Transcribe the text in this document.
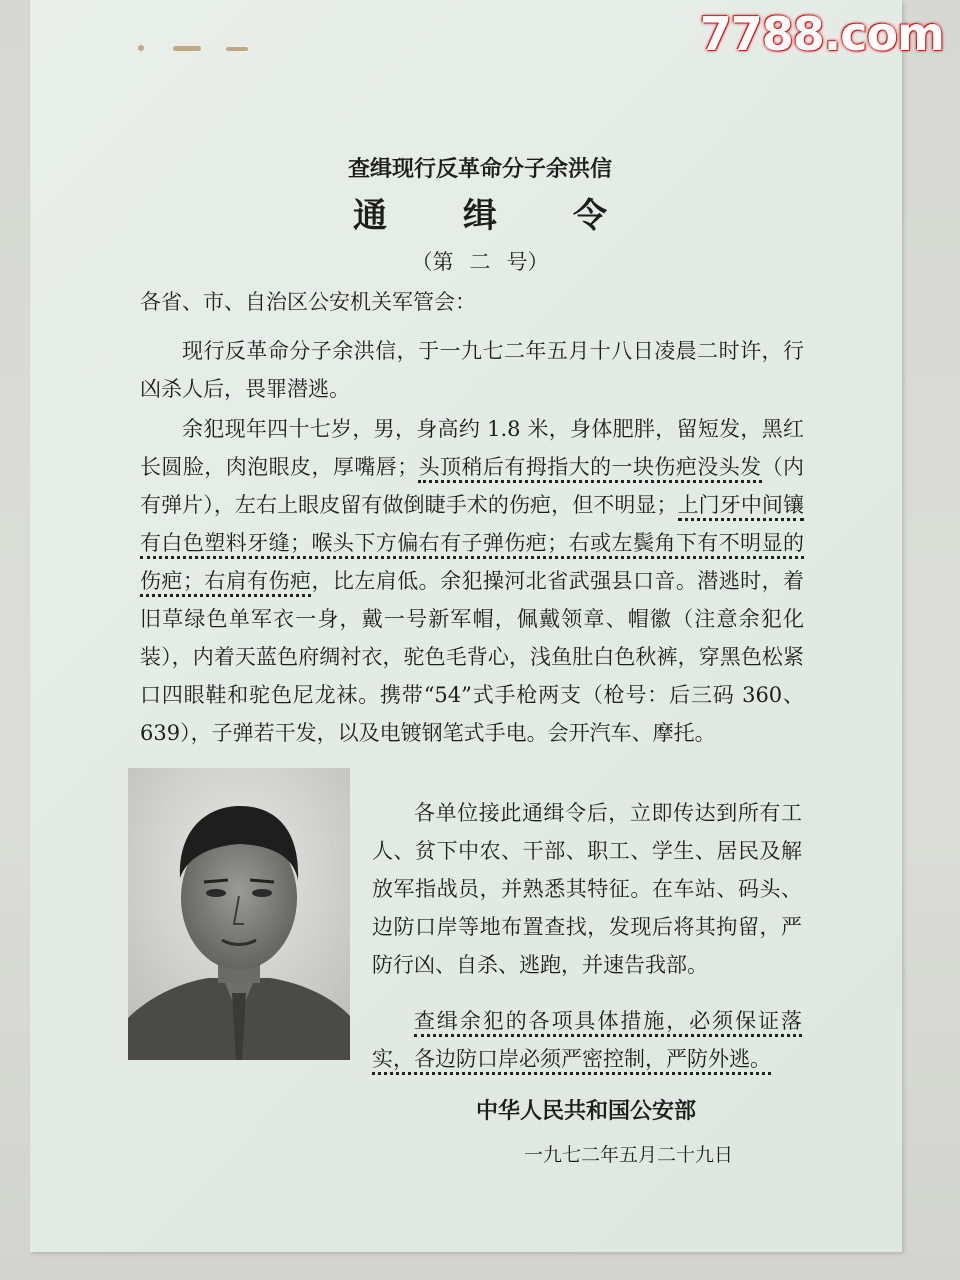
7788.com
查缉现行反革命分子余洪信
通 缉 令
（第 二 号）
各省、市、自治区公安机关军管会：
现行反革命分子余洪信，于一九七二年五月十八日凌晨二时许，行凶杀人后，畏罪潜逃。
余犯现年四十七岁，男，身高约 1.8 米，身体肥胖，留短发，黑红长圆脸，肉泡眼皮，厚嘴唇；头顶稍后有拇指大的一块伤疤没头发（内有弹片），左右上眼皮留有做倒睫手术的伤疤，但不明显；上门牙中间镶有白色塑料牙缝；喉头下方偏右有子弹伤疤；右或左鬓角下有不明显的伤疤；右肩有伤疤，比左肩低。余犯操河北省武强县口音。潜逃时，着旧草绿色单军衣一身，戴一号新军帽，佩戴领章、帽徽（注意余犯化装），内着天蓝色府绸衬衣，驼色毛背心，浅鱼肚白色秋裤，穿黑色松紧口四眼鞋和驼色尼龙袜。携带“54”式手枪两支（枪号：后三码 360、639），子弹若干发，以及电镀钢笔式手电。会开汽车、摩托。
各单位接此通缉令后，立即传达到所有工人、贫下中农、干部、职工、学生、居民及解放军指战员，并熟悉其特征。在车站、码头、边防口岸等地布置查找，发现后将其拘留，严防行凶、自杀、逃跑，并速告我部。
查缉余犯的各项具体措施，必须保证落实，各边防口岸必须严密控制，严防外逃。
中华人民共和国公安部
一九七二年五月二十九日
